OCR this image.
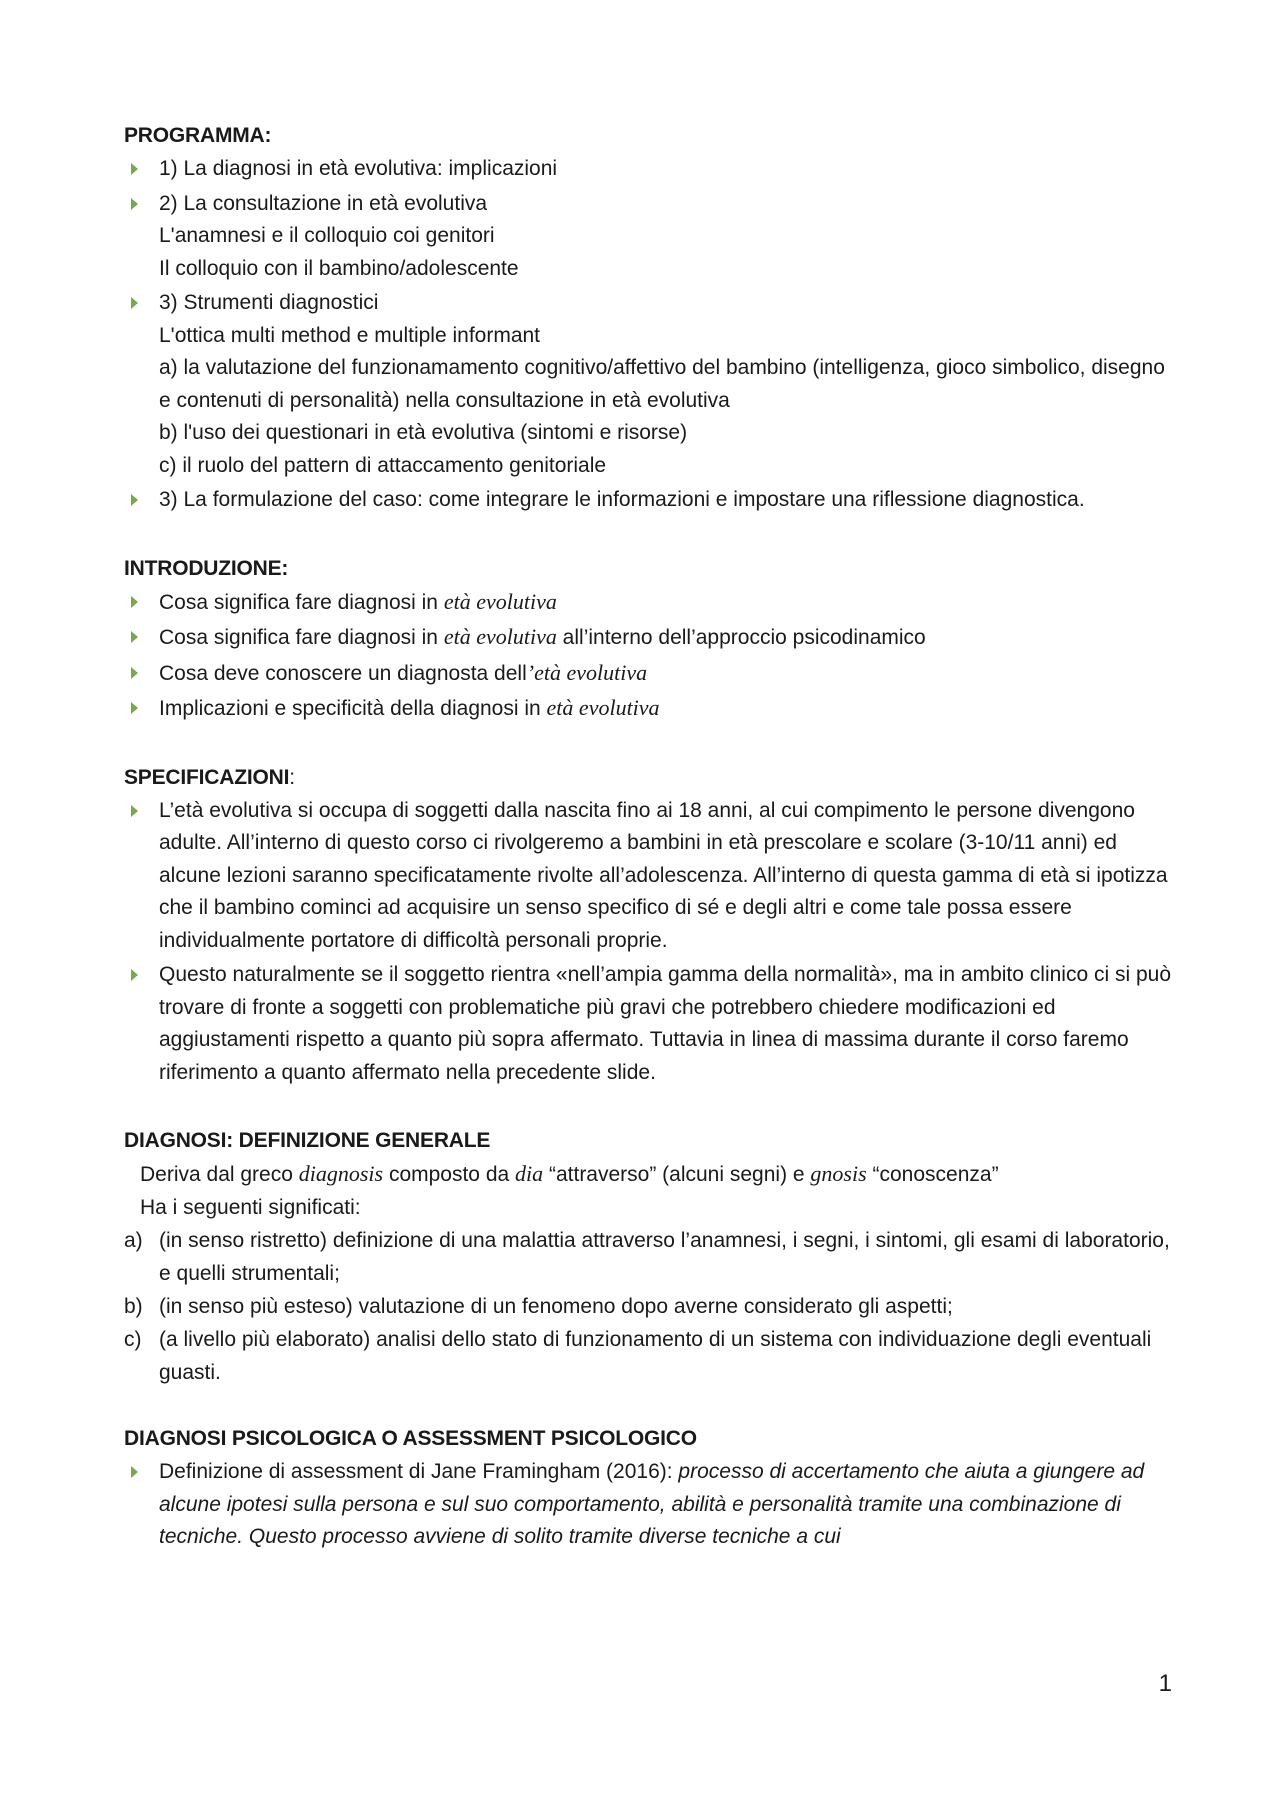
PROGRAMMA:
1) La diagnosi in età evolutiva: implicazioni
2) La consultazione in età evolutiva
L'anamnesi e il colloquio coi genitori
Il colloquio con il bambino/adolescente
3) Strumenti diagnostici
L'ottica multi method e multiple informant
a) la valutazione del funzionamamento cognitivo/affettivo del bambino (intelligenza, gioco simbolico, disegno e contenuti di personalità) nella consultazione in età evolutiva
b) l'uso dei questionari in età evolutiva (sintomi e risorse)
c) il ruolo del pattern di attaccamento genitoriale
3) La formulazione del caso: come integrare le informazioni e impostare una riflessione diagnostica.
INTRODUZIONE:
Cosa significa fare diagnosi in età evolutiva
Cosa significa fare diagnosi in età evolutiva all’interno dell’approccio psicodinamico
Cosa deve conoscere un diagnosta dell’età evolutiva
Implicazioni e specificità della diagnosi in età evolutiva
SPECIFICAZIONI:
L’età evolutiva si occupa di soggetti dalla nascita fino ai 18 anni, al cui compimento le persone divengono adulte. All’interno di questo corso ci rivolgeremo a bambini in età prescolare e scolare (3-10/11 anni) ed alcune lezioni saranno specificatamente rivolte all’adolescenza. All’interno di questa gamma di età si ipotizza che il bambino cominci ad acquisire un senso specifico di sé e degli altri e come tale possa essere individualmente portatore di difficoltà personali proprie.
Questo naturalmente se il soggetto rientra «nell’ampia gamma della normalità», ma in ambito clinico ci si può trovare di fronte a soggetti con problematiche più gravi che potrebbero chiedere modificazioni ed aggiustamenti rispetto a quanto più sopra affermato. Tuttavia in linea di massima durante il corso faremo riferimento a quanto affermato nella precedente slide.
DIAGNOSI: DEFINIZIONE GENERALE
Deriva dal greco diagnosis composto da dia “attraverso” (alcuni segni) e gnosis “conoscenza”
Ha i seguenti significati:
a) (in senso ristretto) definizione di una malattia attraverso l’anamnesi, i segni, i sintomi, gli esami di laboratorio, e quelli strumentali;
b) (in senso più esteso) valutazione di un fenomeno dopo averne considerato gli aspetti;
c) (a livello più elaborato) analisi dello stato di funzionamento di un sistema con individuazione degli eventuali guasti.
DIAGNOSI PSICOLOGICA O ASSESSMENT PSICOLOGICO
Definizione di assessment di Jane Framingham (2016): processo di accertamento che aiuta a giungere ad alcune ipotesi sulla persona e sul suo comportamento, abilità e personalità tramite una combinazione di tecniche. Questo processo avviene di solito tramite diverse tecniche a cui
1
